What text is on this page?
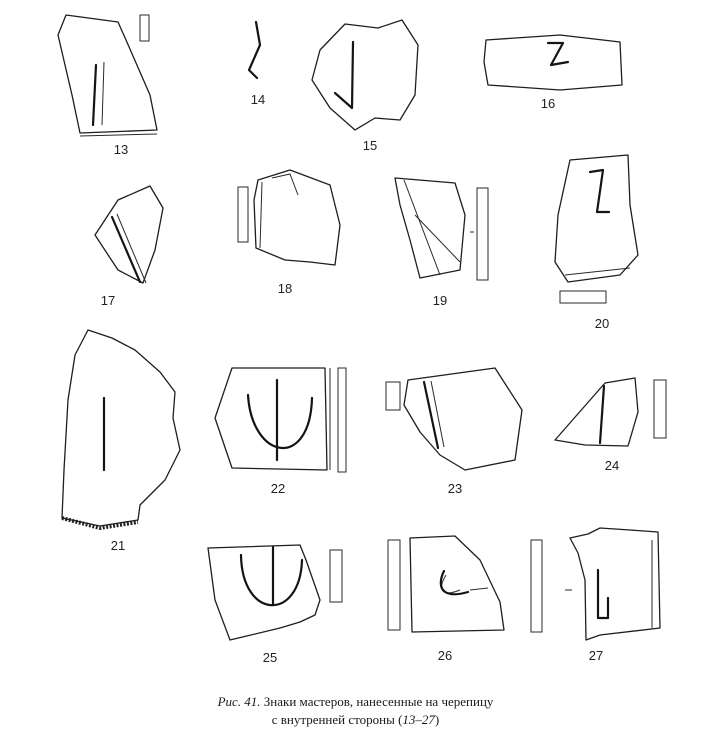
13
14
15
16
17
18
19
20
21
22	23
24
25	26	27
Рис. 41. Знаки мастеров, нанесенные на черепицу
с внутренней стороны (13–27)
